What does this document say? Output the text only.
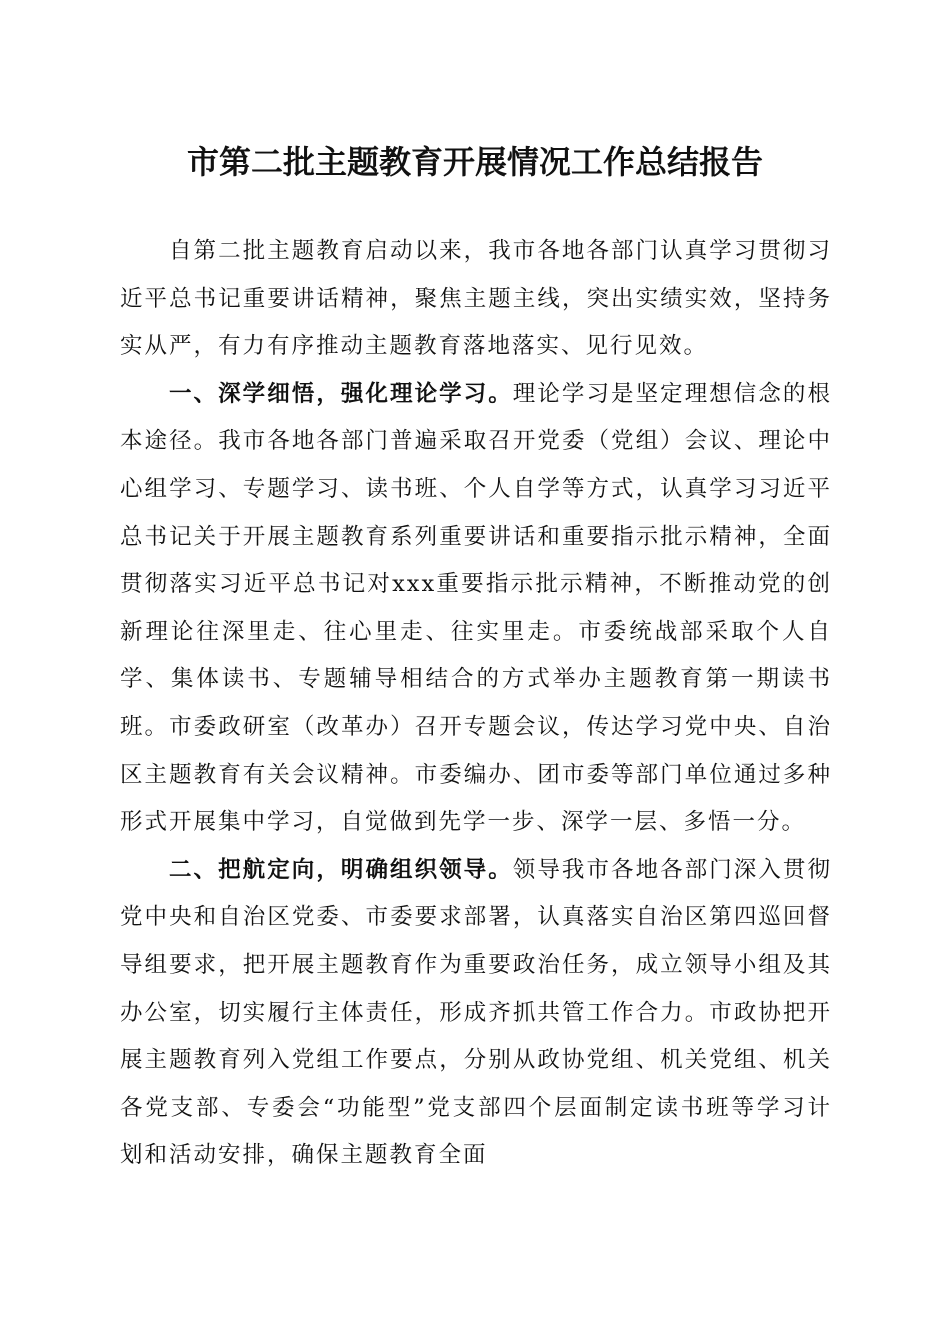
市第二批主题教育开展情况工作总结报告

自第二批主题教育启动以来，我市各地各部门认真学习贯彻习近平总书记重要讲话精神，聚焦主题主线，突出实绩实效，坚持务实从严，有力有序推动主题教育落地落实、见行见效。

一、深学细悟，强化理论学习。理论学习是坚定理想信念的根本途径。我市各地各部门普遍采取召开党委（党组）会议、理论中心组学习、专题学习、读书班、个人自学等方式，认真学习习近平总书记关于开展主题教育系列重要讲话和重要指示批示精神，全面贯彻落实习近平总书记对xxx重要指示批示精神，不断推动党的创新理论往深里走、往心里走、往实里走。市委统战部采取个人自学、集体读书、专题辅导相结合的方式举办主题教育第一期读书班。市委政研室（改革办）召开专题会议，传达学习党中央、自治区主题教育有关会议精神。市委编办、团市委等部门单位通过多种形式开展集中学习，自觉做到先学一步、深学一层、多悟一分。

二、把航定向，明确组织领导。领导我市各地各部门深入贯彻党中央和自治区党委、市委要求部署，认真落实自治区第四巡回督导组要求，把开展主题教育作为重要政治任务，成立领导小组及其办公室，切实履行主体责任，形成齐抓共管工作合力。市政协把开展主题教育列入党组工作要点，分别从政协党组、机关党组、机关各党支部、专委会“功能型”党支部四个层面制定读书班等学习计划和活动安排，确保主题教育全面
